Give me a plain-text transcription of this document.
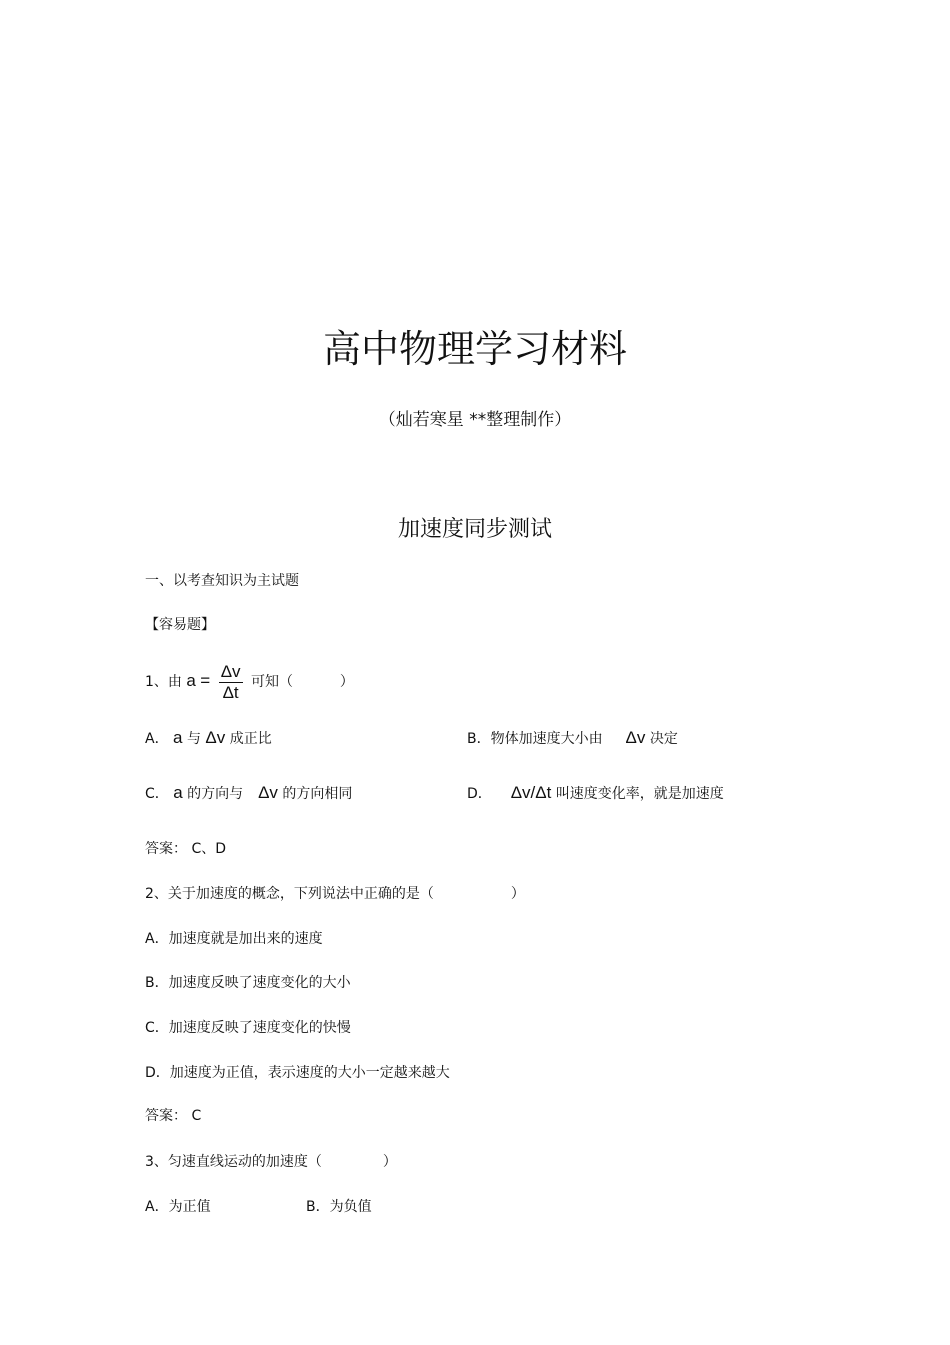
高中物理学习材料
（灿若寒星 **整理制作）
加速度同步测试
一、以考查知识为主试题
【容易题】
1、由 $a = \frac{\Delta v}{\Delta t}$ 可知（	）
A． a 与 Δv 成正比	B．物体加速度大小由 Δv 决定
C． a 的方向与 Δv 的方向相同	D． Δv/Δt 叫速度变化率，就是加速度
答案： C、D
2、关于加速度的概念，下列说法中正确的是（	）
A．加速度就是加出来的速度
B．加速度反映了速度变化的大小
C．加速度反映了速度变化的快慢
D．加速度为正值，表示速度的大小一定越来越大
答案： C
3、匀速直线运动的加速度（	）
A．为正值	B．为负值
